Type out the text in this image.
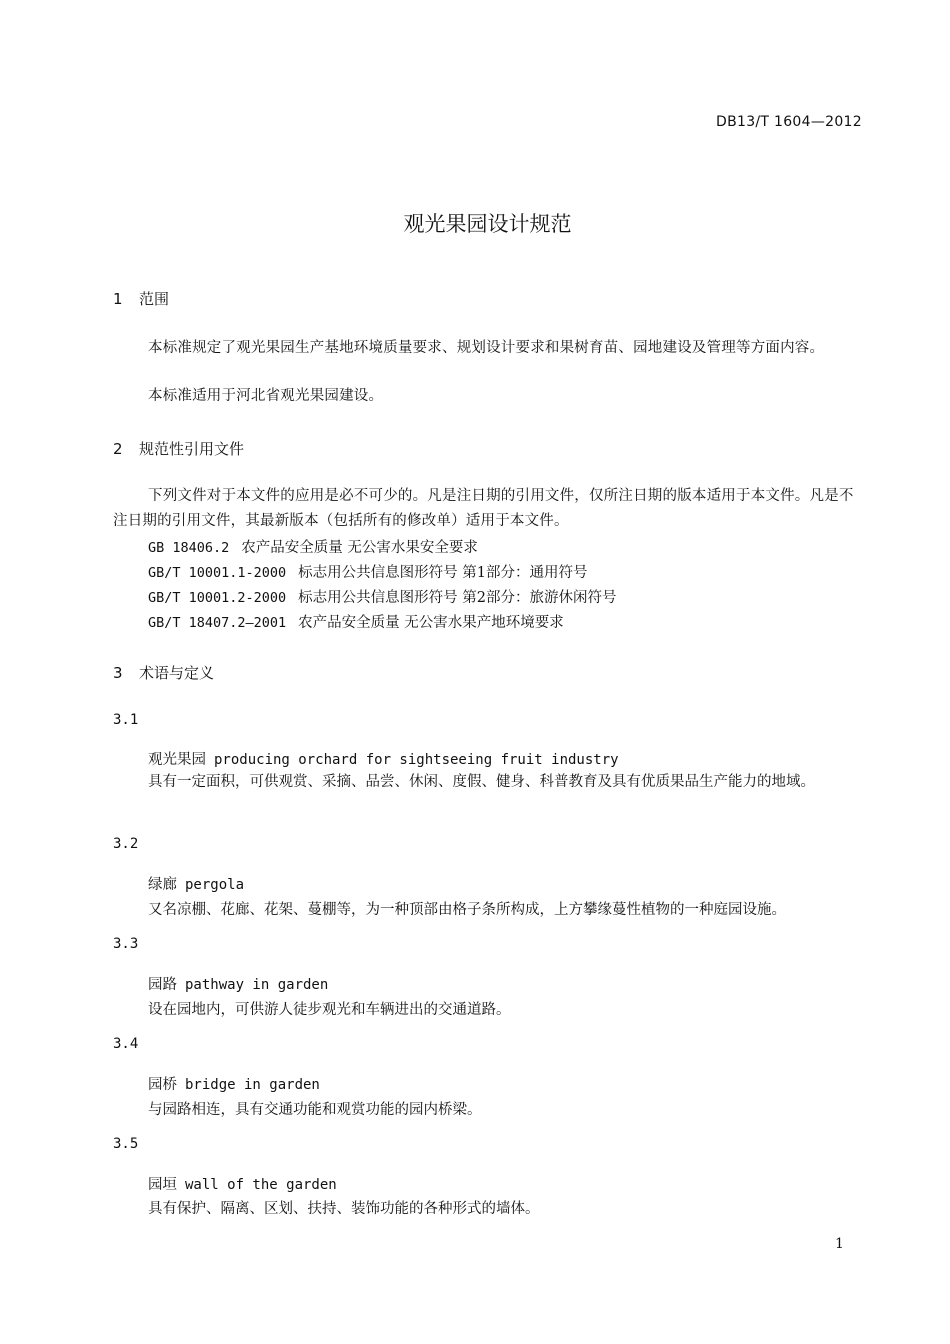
DB13/T 1604—2012
观光果园设计规范
1 范围
本标准规定了观光果园生产基地环境质量要求、规划设计要求和果树育苗、园地建设及管理等方面内容。
本标准适用于河北省观光果园建设。
2 规范性引用文件
下列文件对于本文件的应用是必不可少的。凡是注日期的引用文件，仅所注日期的版本适用于本文件。凡是不注日期的引用文件，其最新版本（包括所有的修改单）适用于本文件。
GB 18406.2 农产品安全质量 无公害水果安全要求
GB/T 10001.1-2000 标志用公共信息图形符号 第1部分：通用符号
GB/T 10001.2-2000 标志用公共信息图形符号 第2部分：旅游休闲符号
GB/T 18407.2—2001 农产品安全质量 无公害水果产地环境要求
3 术语与定义
3.1
观光果园 producing orchard for sightseeing fruit industry
具有一定面积，可供观赏、采摘、品尝、休闲、度假、健身、科普教育及具有优质果品生产能力的地域。
3.2
绿廊 pergola
又名凉棚、花廊、花架、蔓棚等，为一种顶部由格子条所构成，上方攀缘蔓性植物的一种庭园设施。
3.3
园路 pathway in garden
设在园地内，可供游人徒步观光和车辆进出的交通道路。
3.4
园桥 bridge in garden
与园路相连，具有交通功能和观赏功能的园内桥梁。
3.5
园垣 wall of the garden
具有保护、隔离、区划、扶持、装饰功能的各种形式的墙体。
1
